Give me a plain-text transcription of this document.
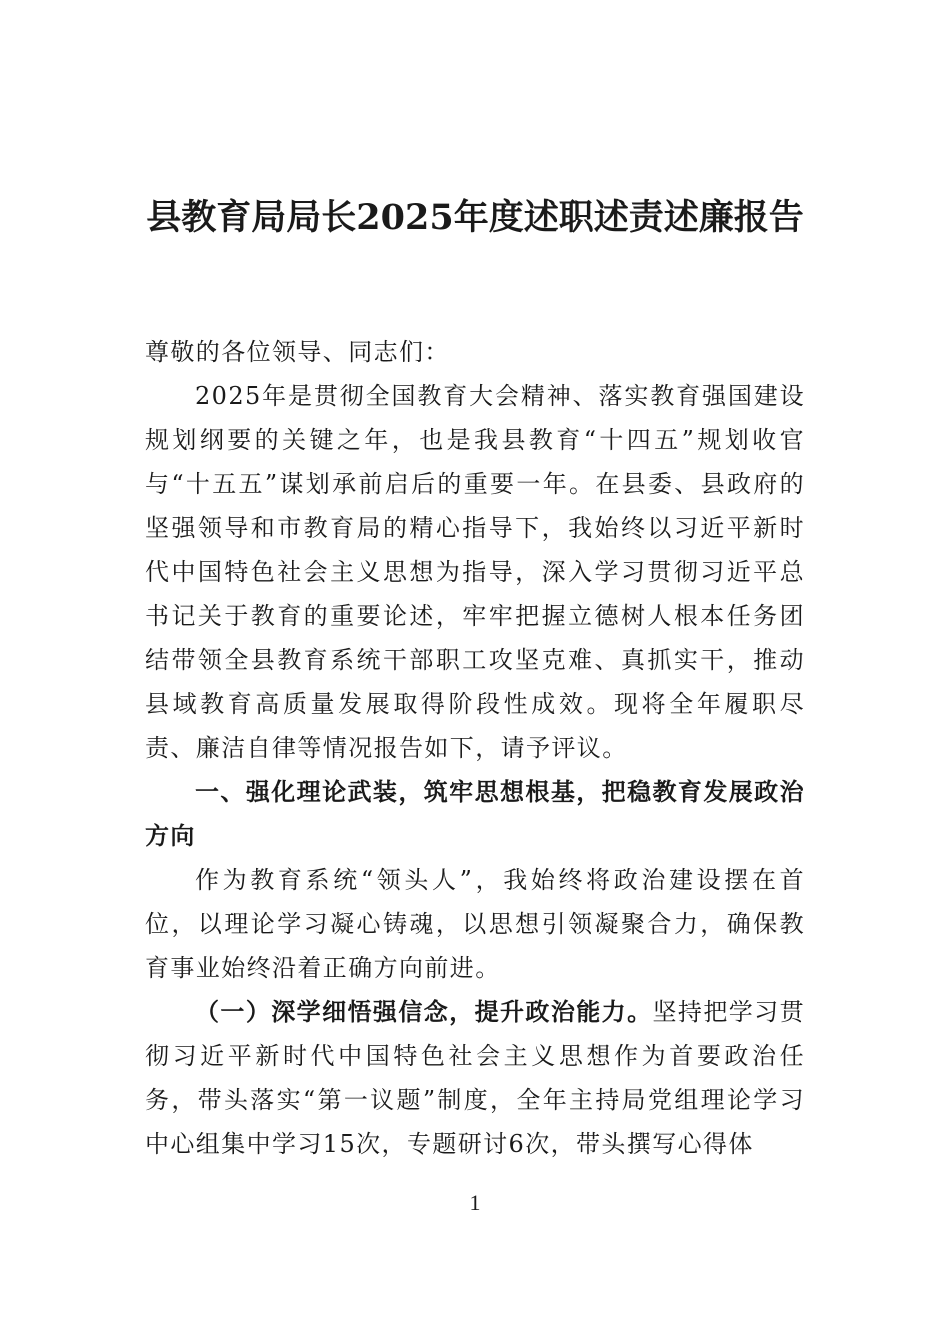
县教育局局长2025年度述职述责述廉报告

尊敬的各位领导、同志们：

2025年是贯彻全国教育大会精神、落实教育强国建设规划纲要的关键之年，也是我县教育“十四五”规划收官与“十五五”谋划承前启后的重要一年。在县委、县政府的坚强领导和市教育局的精心指导下，我始终以习近平新时代中国特色社会主义思想为指导，深入学习贯彻习近平总书记关于教育的重要论述，牢牢把握立德树人根本任务团结带领全县教育系统干部职工攻坚克难、真抓实干，推动县域教育高质量发展取得阶段性成效。现将全年履职尽责、廉洁自律等情况报告如下，请予评议。

一、强化理论武装，筑牢思想根基，把稳教育发展政治方向

作为教育系统“领头人”，我始终将政治建设摆在首位，以理论学习凝心铸魂，以思想引领凝聚合力，确保教育事业始终沿着正确方向前进。

（一）深学细悟强信念，提升政治能力。坚持把学习贯彻习近平新时代中国特色社会主义思想作为首要政治任务，带头落实“第一议题”制度，全年主持局党组理论学习中心组集中学习15次，专题研讨6次，带头撰写心得体

1
